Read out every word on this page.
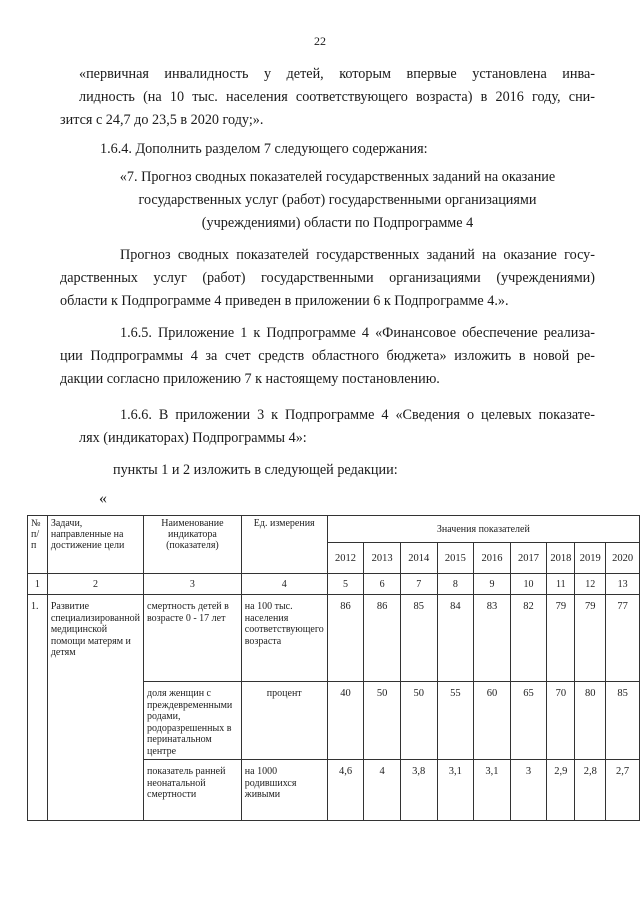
22
«первичная инвалидность у детей, которым впервые установлена инва-
лидность (на 10 тыс. населения соответствующего возраста) в 2016 году, сни-
зится с 24,7 до 23,5 в 2020 году;».
1.6.4. Дополнить разделом 7 следующего содержания:
«7. Прогноз сводных показателей государственных заданий на оказание
государственных услуг (работ) государственными организациями
(учреждениями) области по Подпрограмме 4
Прогноз сводных показателей государственных заданий на оказание госу-
дарственных услуг (работ) государственными организациями (учреждениями)
области к Подпрограмме 4 приведен в приложении 6 к Подпрограмме 4.».
1.6.5. Приложение 1 к Подпрограмме 4 «Финансовое обеспечение реализа-
ции Подпрограммы 4 за счет средств областного бюджета» изложить в новой ре-
дакции согласно приложению 7 к настоящему постановлению.
1.6.6. В приложении 3 к Подпрограмме 4 «Сведения о целевых показате-
лях (индикаторах) Подпрограммы 4»:
пункты 1 и 2 изложить в следующей редакции:
«
№ п/п	Задачи, направленные на достижение цели	Наименование индикатора (показателя)	Ед. измерения	Значения показателей								
				2012	2013	2014	2015	2016	2017	2018	2019	2020
1	2	3	4	5	6	7	8	9	10	11	12	13
1.	Развитие специализированной медицинской помощи матерям и детям	смертность детей в возрасте 0 - 17 лет	на 100 тыс. населения соответствующего возраста	86	86	85	84	83	82	79	79	77
		доля женщин с преждевременными родами, родоразрешенных в перинатальном центре	процент	40	50	50	55	60	65	70	80	85
		показатель ранней неонатальной смертности	на 1000 родившихся живыми	4,6	4	3,8	3,1	3,1	3	2,9	2,8	2,7
